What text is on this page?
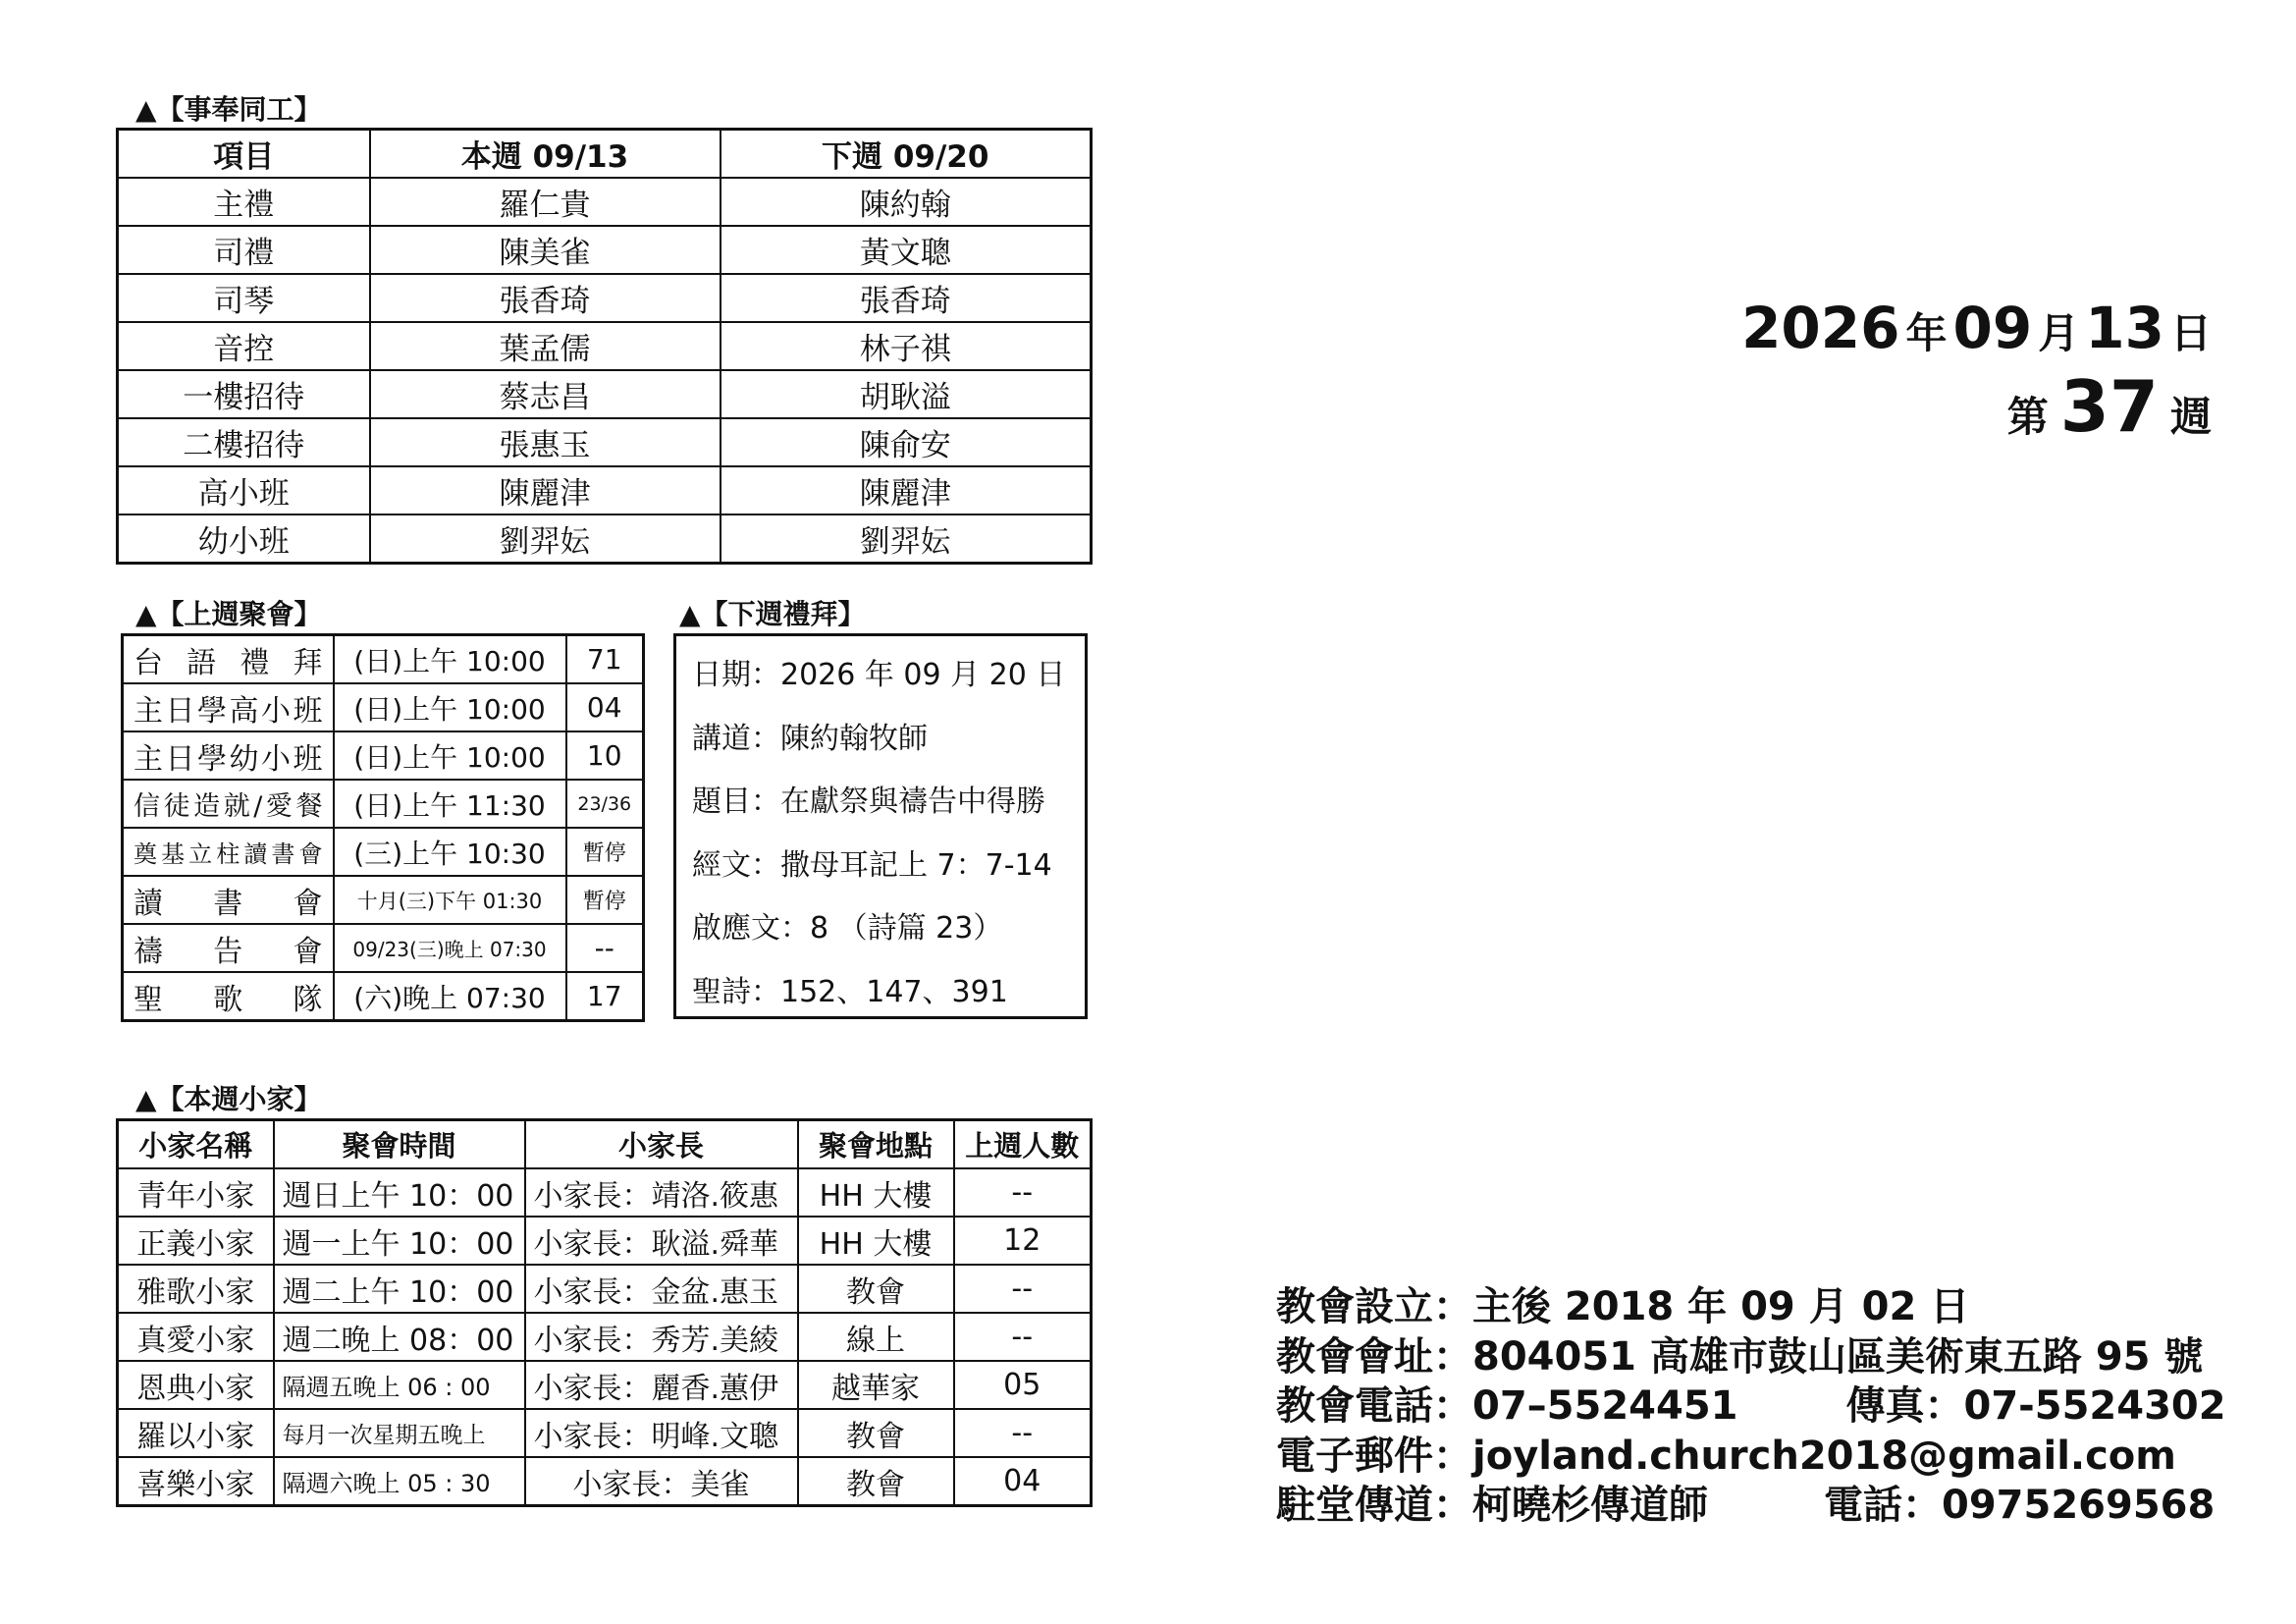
▲【事奉同工】
項目	本週 09/13	下週 09/20
主禮	羅仁貴	陳約翰
司禮	陳美雀	黃文聰
司琴	張香琦	張香琦
音控	葉孟儒	林子祺
一樓招待	蔡志昌	胡耿溢
二樓招待	張惠玉	陳俞安
高小班	陳麗津	陳麗津
幼小班	劉羿妘	劉羿妘
▲【上週聚會】
台語禮拜	(日)上午 10:00	71
主日學高小班	(日)上午 10:00	04
主日學幼小班	(日)上午 10:00	10
信徒造就/愛餐	(日)上午 11:30	23/36
奠基立柱讀書會	(三)上午 10:30	暫停
讀書會	十月(三)下午 01:30	暫停
禱告會	09/23(三)晚上 07:30	--
聖歌隊	(六)晚上 07:30	17
▲【下週禮拜】
日期：2026 年 09 月 20 日
講道：陳約翰牧師
題目：在獻祭與禱告中得勝
經文：撒母耳記上 7：7-14
啟應文：8 （詩篇 23）
聖詩：152、147、391
▲【本週小家】
小家名稱	聚會時間	小家長	聚會地點	上週人數
青年小家	週日上午 10：00	小家長：靖洛.筱惠	HH 大樓	--
正義小家	週一上午 10：00	小家長：耿溢.舜華	HH 大樓	12
雅歌小家	週二上午 10：00	小家長：金盆.惠玉	教會	--
真愛小家	週二晚上 08：00	小家長：秀芳.美綾	線上	--
恩典小家	隔週五晚上 06 : 00	小家長：麗香.蕙伊	越華家	05
羅以小家	每月一次星期五晚上	小家長：明峰.文聰	教會	--
喜樂小家	隔週六晚上 05 : 30	小家長：美雀	教會	04
2026 年 09 月 13 日
第 37 週
教會設立：主後 2018 年 09 月 02 日
教會會址：804051 高雄市鼓山區美術東五路 95 號
教會電話：07–5524451	傳真：07-5524302
電子郵件：joyland.church2018@gmail.com
駐堂傳道：柯曉杉傳道師	電話：0975269568
